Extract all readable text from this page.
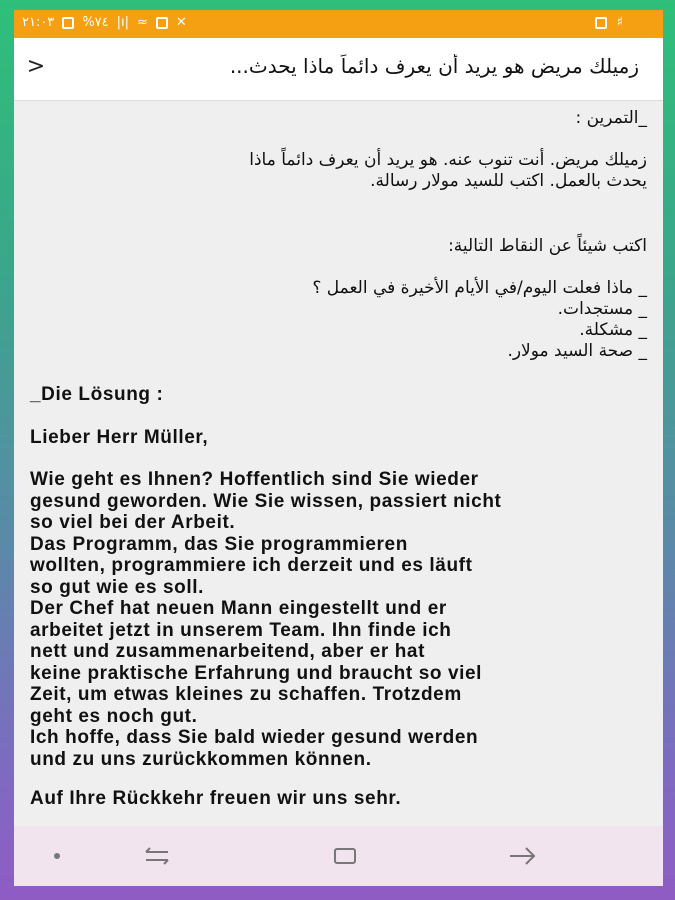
٢١:٠٣ %٧٤ |ı| ≈ ✕	♯
>	زميلك مريض هو يريد أن يعرف دائماً ماذا يحدث...
_التمرين :
زميلك مريض. أنت تنوب عنه. هو يريد أن يعرف دائماً ماذا
يحدث بالعمل. اكتب للسيد مولار رسالة.
اكتب شيئاً عن النقاط التالية:
_ ماذا فعلت اليوم/في الأيام الأخيرة في العمل ؟
_ مستجدات.
_ مشكلة.
_ صحة السيد مولار.
_Die Lösung :
Lieber Herr Müller,

Wie geht es Ihnen? Hoffentlich sind Sie wieder

gesund geworden. Wie Sie wissen, passiert nicht

so viel bei der Arbeit.

Das Programm, das Sie programmieren

wollten, programmiere ich derzeit und es läuft

so gut wie es soll.

Der Chef hat neuen Mann eingestellt und er

arbeitet jetzt in unserem Team. Ihn finde ich

nett und zusammenarbeitend, aber er hat

keine praktische Erfahrung und braucht so viel

Zeit, um etwas kleines zu schaffen. Trotzdem

geht es noch gut.

Ich hoffe, dass Sie bald wieder gesund werden

und zu uns zurückkommen können.

Auf Ihre Rückkehr freuen wir uns sehr.
